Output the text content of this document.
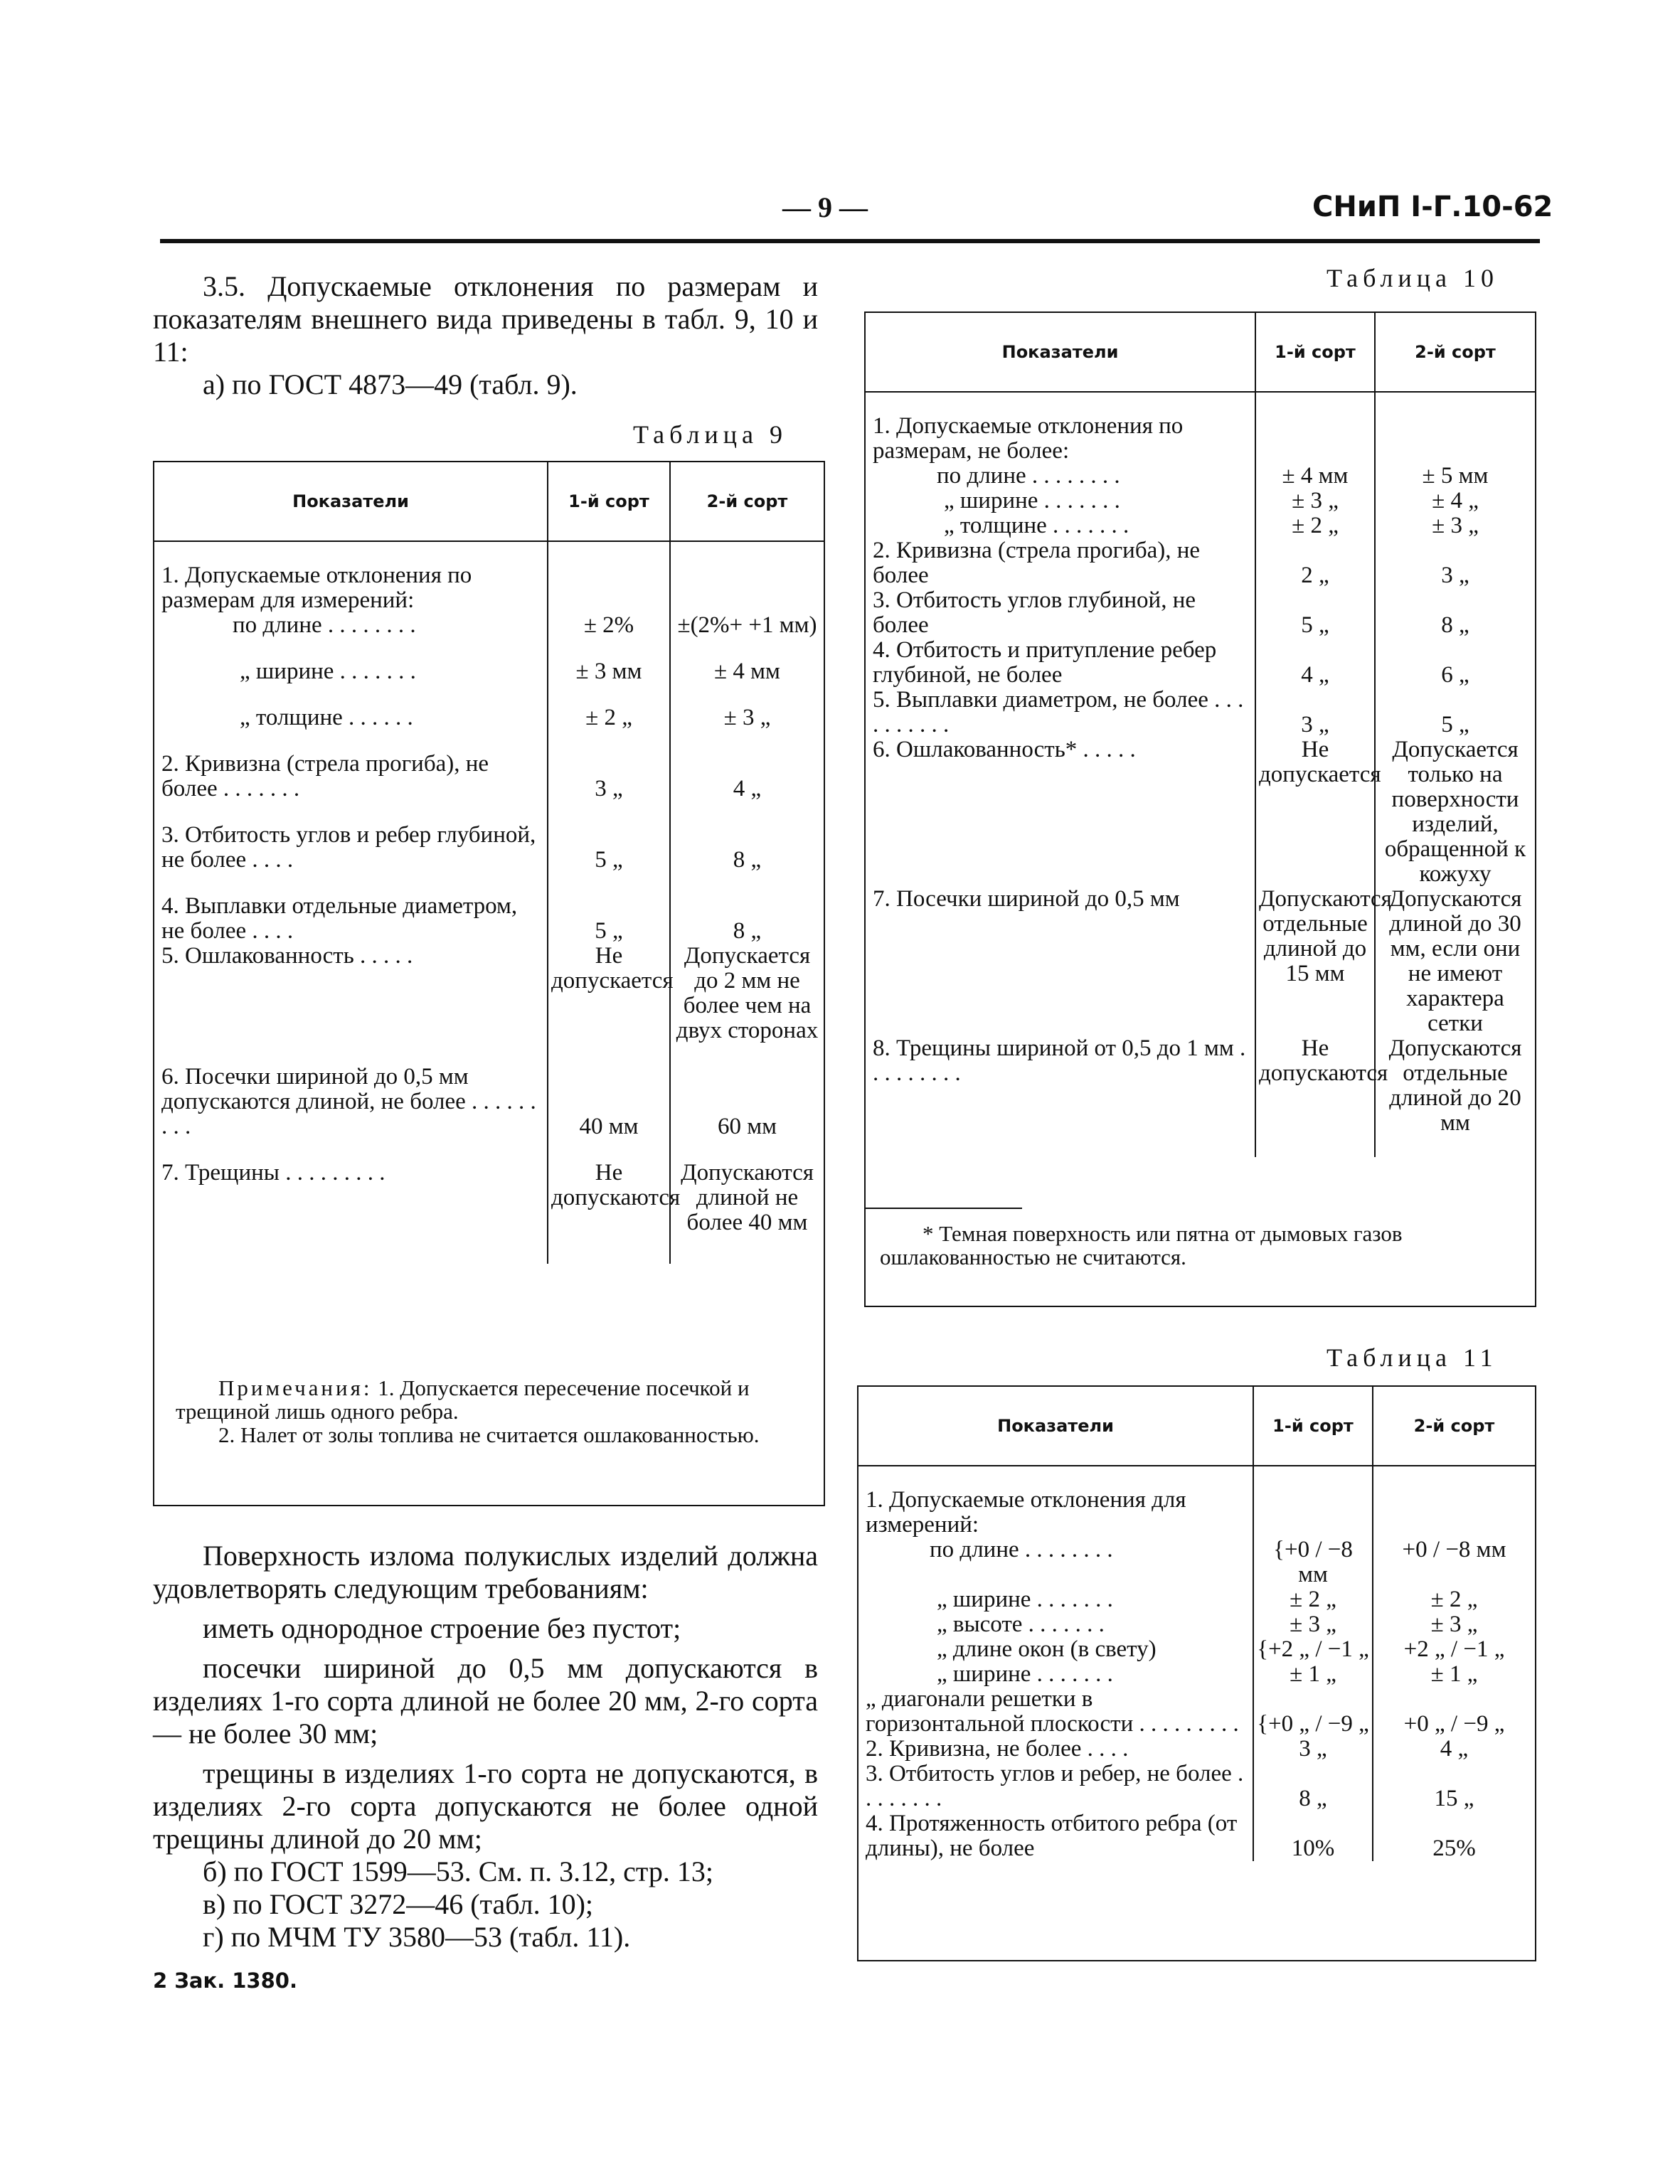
— 9 —	СНиП I-Г.10-62

3.5. Допускаемые отклонения по размерам и показателям внешнего вида приведены в табл. 9, 10 и 11:

а) по ГОСТ 4873—49 (табл. 9).

Таблица 9
Показатели	1-й сорт	2-й сорт

1. Допускаемые отклонения по размерам для измерений:		
по длине . . . . . . . .	± 2%	±(2%+ +1 мм)

„ ширине . . . . . . .	± 3 мм	± 4 мм

„ толщине . . . . . .	± 2 „	± 3 „

2. Кривизна (стрела прогиба), не более . . . . . . .	3 „	4 „

3. Отбитость углов и ребер глубиной, не более . . . .	5 „	8 „

4. Выплавки отдельные диаметром, не более . . . .	5 „	8 „
5. Ошлакованность . . . . .	Не допускается	Допускается до 2 мм не более чем на двух сторонах

6. Посечки шириной до 0,5 мм допускаются длиной, не более . . . . . . . . .	40 мм	60 мм

7. Трещины . . . . . . . . .	Не допускаются	Допускаются длиной не более 40 мм

Примечания: 1. Допускается пересечение посечкой и трещиной лишь одного ребра.

2. Налет от золы топлива не считается ошлакованностью.

Поверхность излома полукислых изделий должна удовлетворять следующим требованиям:

иметь однородное строение без пустот;

посечки шириной до 0,5 мм допускаются в изделиях 1-го сорта длиной не более 20 мм, 2-го сорта — не более 30 мм;

трещины в изделиях 1-го сорта не допускаются, в изделиях 2-го сорта допускаются не более одной трещины длиной до 20 мм;

б) по ГОСТ 1599—53. См. п. 3.12, стр. 13;

в) по ГОСТ 3272—46 (табл. 10);

г) по МЧМ ТУ 3580—53 (табл. 11).

2 Зак. 1380.
Таблица 10
Показатели	1-й сорт	2-й сорт

1. Допускаемые отклонения по размерам, не более:		
по длине . . . . . . . .	± 4 мм	± 5 мм
„ ширине . . . . . . .	± 3 „	± 4 „
„ толщине . . . . . . .	± 2 „	± 3 „
2. Кривизна (стрела прогиба), не более	2 „	3 „
3. Отбитость углов глубиной, не более	5 „	8 „
4. Отбитость и притупление ребер глубиной, не более	4 „	6 „
5. Выплавки диаметром, не более . . . . . . . . . .	3 „	5 „
6. Ошлакованность* . . . . .	Не допускается	Допускается только на поверхности изделий, обращенной к кожуху
7. Посечки шириной до 0,5 мм	Допускаются отдельные длиной до 15 мм	Допускаются длиной до 30 мм, если они не имеют характера сетки
8. Трещины шириной от 0,5 до 1 мм . . . . . . . . .	Не допускаются	Допускаются отдельные длиной до 20 мм

* Темная поверхность или пятна от дымовых газов ошлакованностью не считаются.
Таблица 11
Показатели	1-й сорт	2-й сорт

1. Допускаемые отклонения для измерений:		
по длине . . . . . . . .	{+0 / −8 мм	+0 / −8 мм
„ ширине . . . . . . .	± 2 „	± 2 „
„ высоте . . . . . . .	± 3 „	± 3 „
„ длине окон (в свету)	{+2 „ / −1 „	+2 „ / −1 „
„ ширине . . . . . . .	± 1 „	± 1 „
„ диагонали решетки в горизонтальной плоскости . . . . . . . . .	{+0 „ / −9 „	+0 „ / −9 „
2. Кривизна, не более . . . .	3 „	4 „
3. Отбитость углов и ребер, не более . . . . . . . .	8 „	15 „
4. Протяженность отбитого ребра (от длины), не более	10%	25%
